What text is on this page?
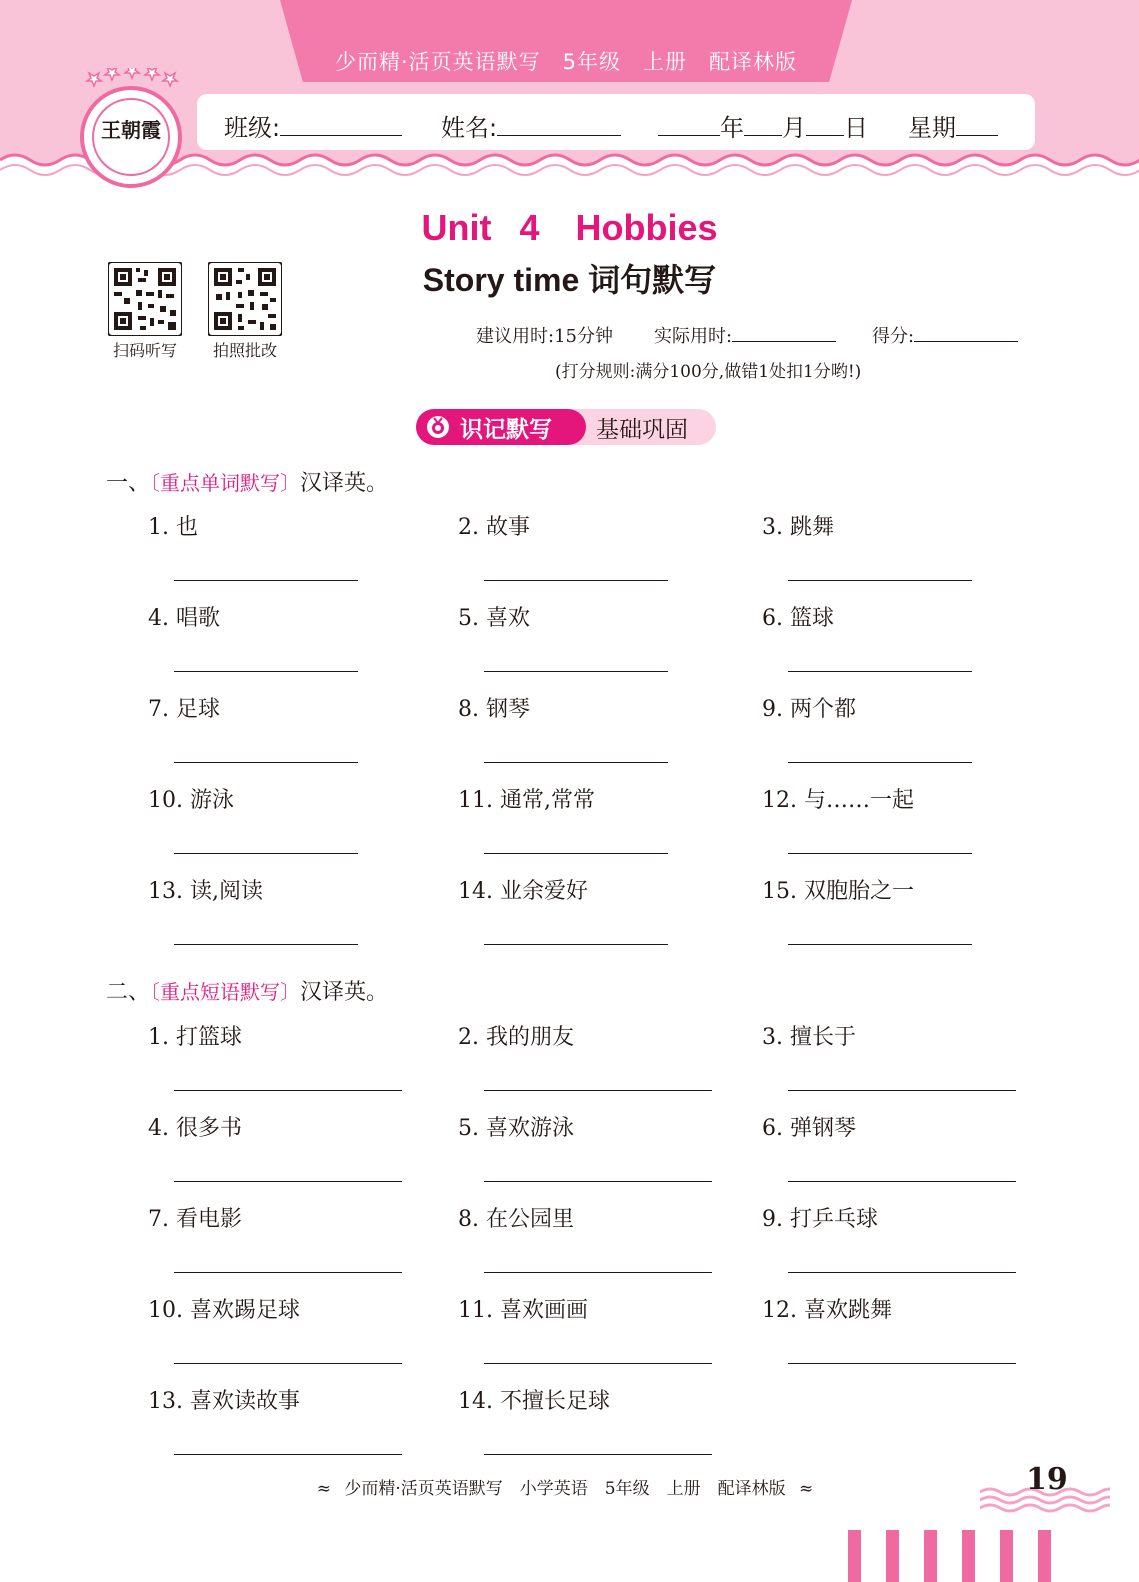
少而精·活页英语默写　5年级　上册　配译林版
班级:	姓名:	年 月 日 星期
王朝霞
Unit 4　Hobbies
Story time 词句默写
扫码听写	拍照批改
建议用时:15分钟 实际用时:	得分:
(打分规则:满分100分,做错1处扣1分哟!)
识记默写 基础巩固
一、〔重点单词默写〕汉译英。
1. 也	2. 故事	3. 跳舞
4. 唱歌	5. 喜欢	6. 篮球
7. 足球	8. 钢琴	9. 两个都
10. 游泳	11. 通常,常常	12. 与……一起
13. 读,阅读	14. 业余爱好	15. 双胞胎之一
二、〔重点短语默写〕汉译英。
1. 打篮球	2. 我的朋友	3. 擅长于
4. 很多书	5. 喜欢游泳	6. 弹钢琴
7. 看电影	8. 在公园里	9. 打乒乓球
10. 喜欢踢足球	11. 喜欢画画	12. 喜欢跳舞
13. 喜欢读故事	14. 不擅长足球
≈ 少而精·活页英语默写　小学英语　5年级　上册　配译林版 ≈	19
